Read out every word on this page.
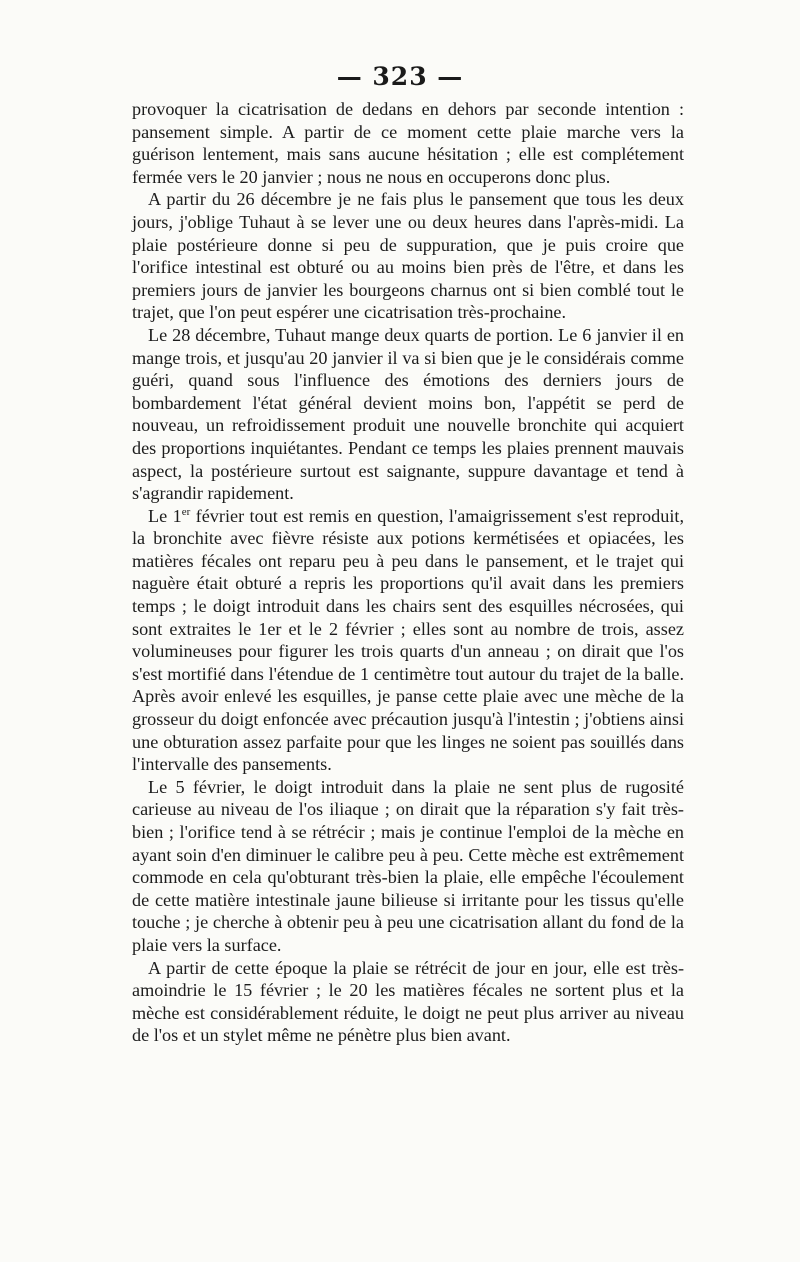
— 323 —

provoquer la cicatrisation de dedans en dehors par seconde intention : pansement simple. A partir de ce moment cette plaie marche vers la guérison lentement, mais sans aucune hésitation ; elle est complétement fermée vers le 20 janvier ; nous ne nous en occuperons donc plus.

A partir du 26 décembre je ne fais plus le pansement que tous les deux jours, j'oblige Tuhaut à se lever une ou deux heures dans l'après-midi. La plaie postérieure donne si peu de suppuration, que je puis croire que l'orifice intestinal est obturé ou au moins bien près de l'être, et dans les premiers jours de janvier les bourgeons charnus ont si bien comblé tout le trajet, que l'on peut espérer une cicatrisation très-prochaine.

Le 28 décembre, Tuhaut mange deux quarts de portion. Le 6 janvier il en mange trois, et jusqu'au 20 janvier il va si bien que je le considérais comme guéri, quand sous l'influence des émotions des derniers jours de bombardement l'état général devient moins bon, l'appétit se perd de nouveau, un refroidissement produit une nouvelle bronchite qui acquiert des proportions inquiétantes. Pendant ce temps les plaies prennent mauvais aspect, la postérieure surtout est saignante, suppure davantage et tend à s'agrandir rapidement.

Le 1er février tout est remis en question, l'amaigrissement s'est reproduit, la bronchite avec fièvre résiste aux potions kermétisées et opiacées, les matières fécales ont reparu peu à peu dans le pansement, et le trajet qui naguère était obturé a repris les proportions qu'il avait dans les premiers temps ; le doigt introduit dans les chairs sent des esquilles nécrosées, qui sont extraites le 1er et le 2 février ; elles sont au nombre de trois, assez volumineuses pour figurer les trois quarts d'un anneau ; on dirait que l'os s'est mortifié dans l'étendue de 1 centimètre tout autour du trajet de la balle. Après avoir enlevé les esquilles, je panse cette plaie avec une mèche de la grosseur du doigt enfoncée avec précaution jusqu'à l'intestin ; j'obtiens ainsi une obturation assez parfaite pour que les linges ne soient pas souillés dans l'intervalle des pansements.

Le 5 février, le doigt introduit dans la plaie ne sent plus de rugosité carieuse au niveau de l'os iliaque ; on dirait que la réparation s'y fait très-bien ; l'orifice tend à se rétrécir ; mais je continue l'emploi de la mèche en ayant soin d'en diminuer le calibre peu à peu. Cette mèche est extrêmement commode en cela qu'obturant très-bien la plaie, elle empêche l'écoulement de cette matière intestinale jaune bilieuse si irritante pour les tissus qu'elle touche ; je cherche à obtenir peu à peu une cicatrisation allant du fond de la plaie vers la surface.

A partir de cette époque la plaie se rétrécit de jour en jour, elle est très-amoindrie le 15 février ; le 20 les matières fécales ne sortent plus et la mèche est considérablement réduite, le doigt ne peut plus arriver au niveau de l'os et un stylet même ne pénètre plus bien avant.
